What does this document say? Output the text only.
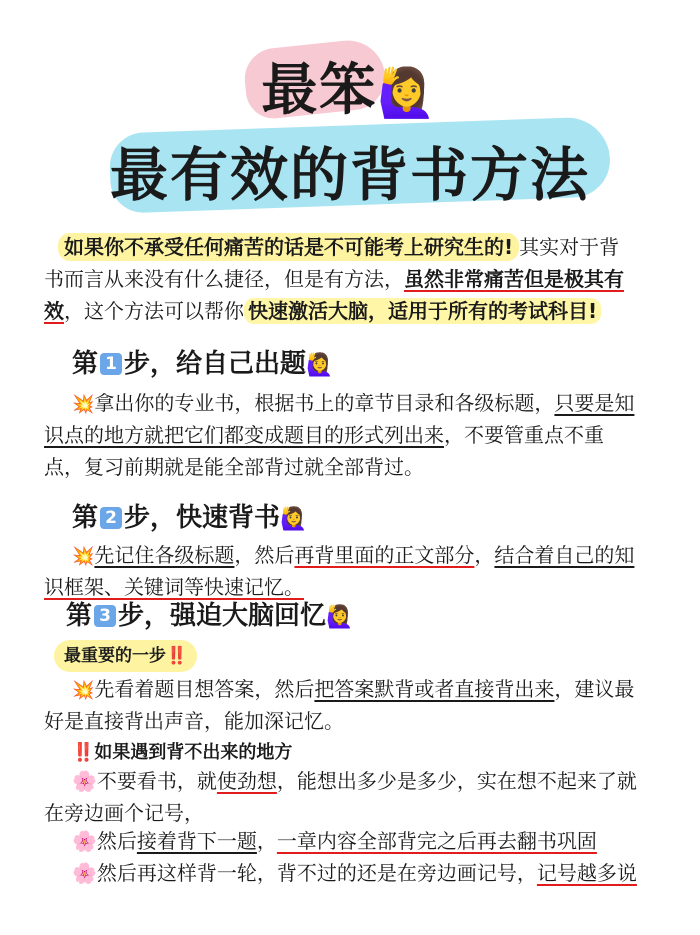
最笨🙋‍♀️
最有效的背书方法
如果你不承受任何痛苦的话是不可能考上研究生的! 其实对于背
书而言从来没有什么捷径，但是有方法，虽然非常痛苦但是极其有
效，这个方法可以帮你 快速激活大脑，适用于所有的考试科目!
第 1 步，给自己出题🙋‍♀️
💥拿出你的专业书，根据书上的章节目录和各级标题，只要是知
识点的地方就把它们都变成题目的形式列出来，不要管重点不重
点，复习前期就是能全部背过就全部背过。
第 2 步，快速背书🙋‍♀️
💥先记住各级标题，然后再背里面的正文部分，结合着自己的知
识框架、关键词等快速记忆。
第 3 步，强迫大脑回忆🙋‍♀️
最重要的一步‼️
💥先看着题目想答案，然后把答案默背或者直接背出来，建议最
好是直接背出声音，能加深记忆。
‼️如果遇到背不出来的地方
🌸不要看书，就使劲想，能想出多少是多少，实在想不起来了就
在旁边画个记号，
🌸然后接着背下一题，一章内容全部背完之后再去翻书巩固
🌸然后再这样背一轮，背不过的还是在旁边画记号，记号越多说
